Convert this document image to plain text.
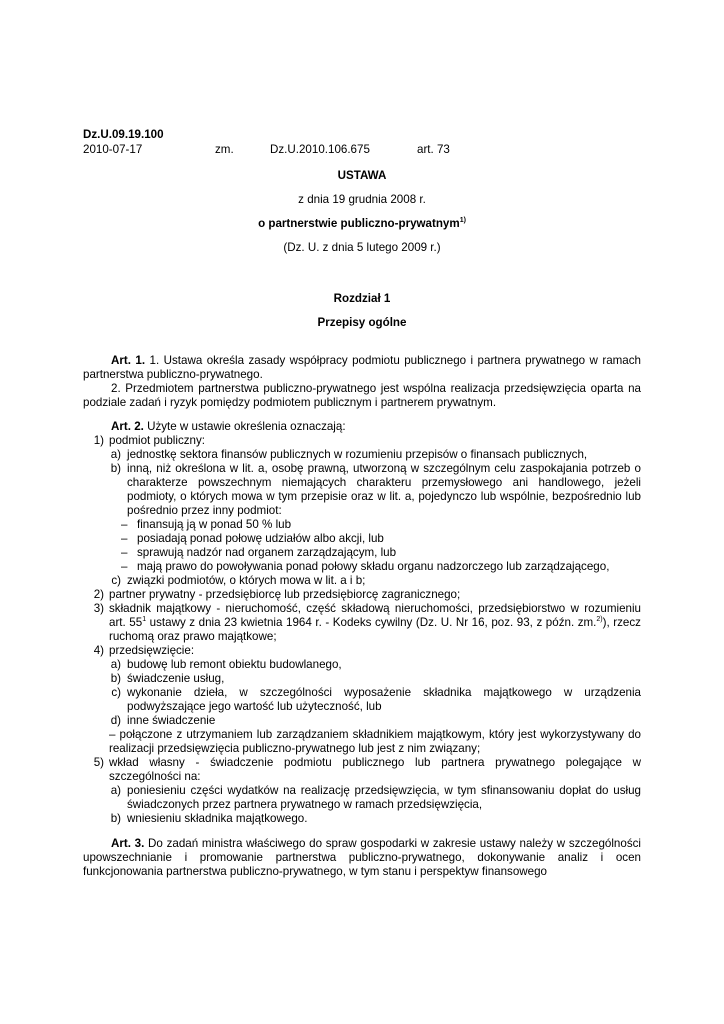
Dz.U.09.19.100
2010-07-17	zm.	Dz.U.2010.106.675	art. 73
USTAWA
z dnia 19 grudnia 2008 r.
o partnerstwie publiczno-prywatnym$^{1)}$
(Dz. U. z dnia 5 lutego 2009 r.)
Rozdział 1
Przepisy ogólne

Art. 1. 1. Ustawa określa zasady współpracy podmiotu publicznego i partnera prywatnego w ramach partnerstwa publiczno-prywatnego.

2. Przedmiotem partnerstwa publiczno-prywatnego jest wspólna realizacja przedsięwzięcia oparta na podziale zadań i ryzyk pomiędzy podmiotem publicznym i partnerem prywatnym.

Art. 2. Użyte w ustawie określenia oznaczają:

1) podmiot publiczny:
a) jednostkę sektora finansów publicznych w rozumieniu przepisów o finansach publicznych,
b) inną, niż określona w lit. a, osobę prawną, utworzoną w szczególnym celu zaspokajania potrzeb o charakterze powszechnym niemających charakteru przemysłowego ani handlowego, jeżeli podmioty, o których mowa w tym przepisie oraz w lit. a, pojedynczo lub wspólnie, bezpośrednio lub pośrednio przez inny podmiot:
– finansują ją w ponad 50 % lub
– posiadają ponad połowę udziałów albo akcji, lub
– sprawują nadzór nad organem zarządzającym, lub
– mają prawo do powoływania ponad połowy składu organu nadzorczego lub zarządzającego,
c) związki podmiotów, o których mowa w lit. a i b;
2) partner prywatny - przedsiębiorcę lub przedsiębiorcę zagranicznego;
3) składnik majątkowy - nieruchomość, część składową nieruchomości, przedsiębiorstwo w rozumieniu art. $55^1$ ustawy z dnia 23 kwietnia 1964 r. - Kodeks cywilny (Dz. U. Nr 16, poz. 93, z późn. zm.$^{2)}$), rzecz ruchomą oraz prawo majątkowe;
4) przedsięwzięcie:
a) budowę lub remont obiektu budowlanego,
b) świadczenie usług,
c) wykonanie dzieła, w szczególności wyposażenie składnika majątkowego w urządzenia podwyższające jego wartość lub użyteczność, lub
d) inne świadczenie

– połączone z utrzymaniem lub zarządzaniem składnikiem majątkowym, który jest wykorzystywany do realizacji przedsięwzięcia publiczno-prywatnego lub jest z nim związany;

5) wkład własny - świadczenie podmiotu publicznego lub partnera prywatnego polegające w szczególności na:
a) poniesieniu części wydatków na realizację przedsięwzięcia, w tym sfinansowaniu dopłat do usług świadczonych przez partnera prywatnego w ramach przedsięwzięcia,
b) wniesieniu składnika majątkowego.

Art. 3. Do zadań ministra właściwego do spraw gospodarki w zakresie ustawy należy w szczególności upowszechnianie i promowanie partnerstwa publiczno-prywatnego, dokonywanie analiz i ocen funkcjonowania partnerstwa publiczno-prywatnego, w tym stanu i perspektyw finansowego
